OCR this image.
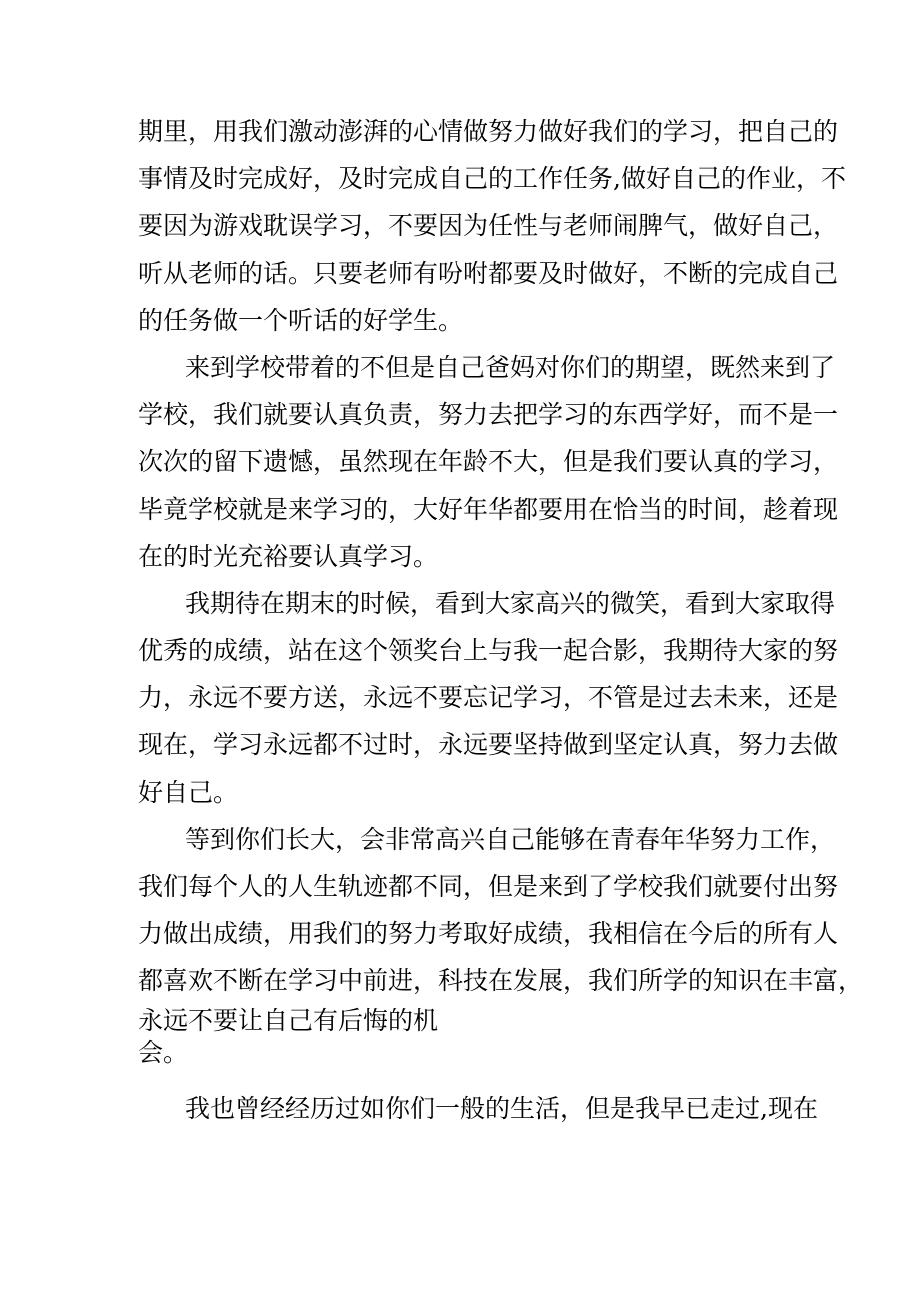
期里，用我们激动澎湃的心情做努力做好我们的学习，把自己的
事情及时完成好，及时完成自己的工作任务,做好自己的作业，不
要因为游戏耽误学习，不要因为任性与老师闹脾气，做好自己，
听从老师的话。只要老师有吩咐都要及时做好，不断的完成自己
的任务做一个听话的好学生。
来到学校带着的不但是自己爸妈对你们的期望，既然来到了
学校，我们就要认真负责，努力去把学习的东西学好，而不是一
次次的留下遗憾，虽然现在年龄不大，但是我们要认真的学习，
毕竟学校就是来学习的，大好年华都要用在恰当的时间，趁着现
在的时光充裕要认真学习。
我期待在期末的时候，看到大家高兴的微笑，看到大家取得
优秀的成绩，站在这个领奖台上与我一起合影，我期待大家的努
力，永远不要方送，永远不要忘记学习，不管是过去未来，还是
现在，学习永远都不过时，永远要坚持做到坚定认真，努力去做
好自己。
等到你们长大，会非常高兴自己能够在青春年华努力工作，
我们每个人的人生轨迹都不同，但是来到了学校我们就要付出努
力做出成绩，用我们的努力考取好成绩，我相信在今后的所有人
都喜欢不断在学习中前进，科技在发展，我们所学的知识在丰富，
永远不要让自己有后悔的机
会。
我也曾经经历过如你们一般的生活，但是我早已走过,现在
